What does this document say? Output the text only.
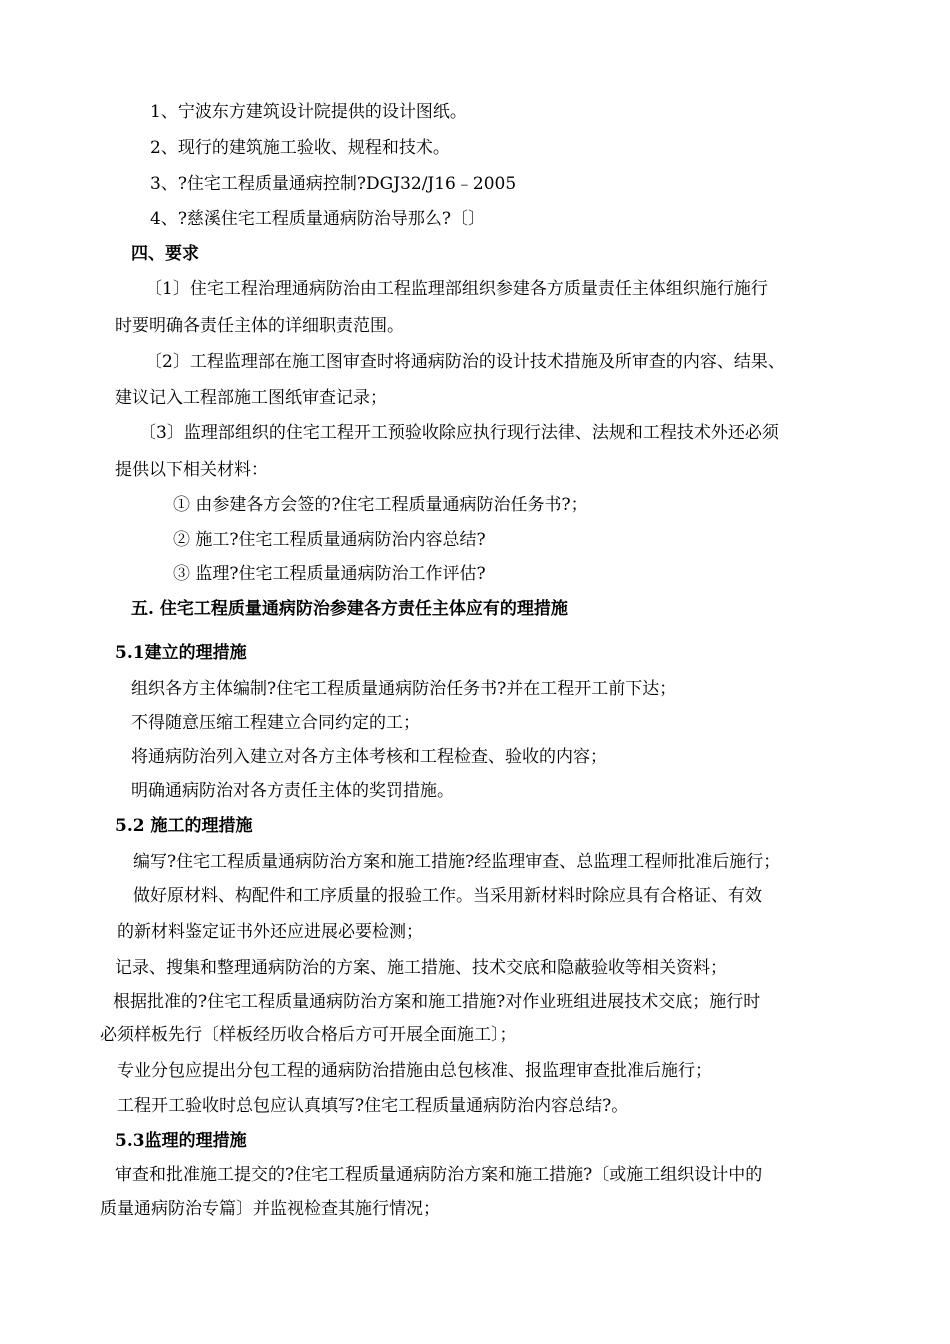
1、宁波东方建筑设计院提供的设计图纸。
2、现行的建筑施工验收、规程和技术。
3、?住宅工程质量通病控制?DGJ32/J16﹣2005
4、?慈溪住宅工程质量通病防治导那么?〔〕
四、要求
〔1〕住宅工程治理通病防治由工程监理部组织参建各方质量责任主体组织施行施行
时要明确各责任主体的详细职责范围。
〔2〕工程监理部在施工图审查时将通病防治的设计技术措施及所审查的内容、结果、
建议记入工程部施工图纸审查记录；
〔3〕监理部组织的住宅工程开工预验收除应执行现行法律、法规和工程技术外还必须
提供以下相关材料：
① 由参建各方会签的?住宅工程质量通病防治任务书?；
② 施工?住宅工程质量通病防治内容总结?
③ 监理?住宅工程质量通病防治工作评估?
五. 住宅工程质量通病防治参建各方责任主体应有的理措施
5.1建立的理措施
组织各方主体编制?住宅工程质量通病防治任务书?并在工程开工前下达；
不得随意压缩工程建立合同约定的工；
将通病防治列入建立对各方主体考核和工程检查、验收的内容；
明确通病防治对各方责任主体的奖罚措施。
5.2 施工的理措施
编写?住宅工程质量通病防治方案和施工措施?经监理审查、总监理工程师批准后施行；
做好原材料、构配件和工序质量的报验工作。当采用新材料时除应具有合格证、有效
的新材料鉴定证书外还应进展必要检测；
记录、搜集和整理通病防治的方案、施工措施、技术交底和隐蔽验收等相关资料；
根据批准的?住宅工程质量通病防治方案和施工措施?对作业班组进展技术交底；施行时
必须样板先行〔样板经历收合格后方可开展全面施工〕；
专业分包应提出分包工程的通病防治措施由总包核准、报监理审查批准后施行；
工程开工验收时总包应认真填写?住宅工程质量通病防治内容总结?。
5.3监理的理措施
审查和批准施工提交的?住宅工程质量通病防治方案和施工措施?〔或施工组织设计中的
质量通病防治专篇〕并监视检查其施行情况；
